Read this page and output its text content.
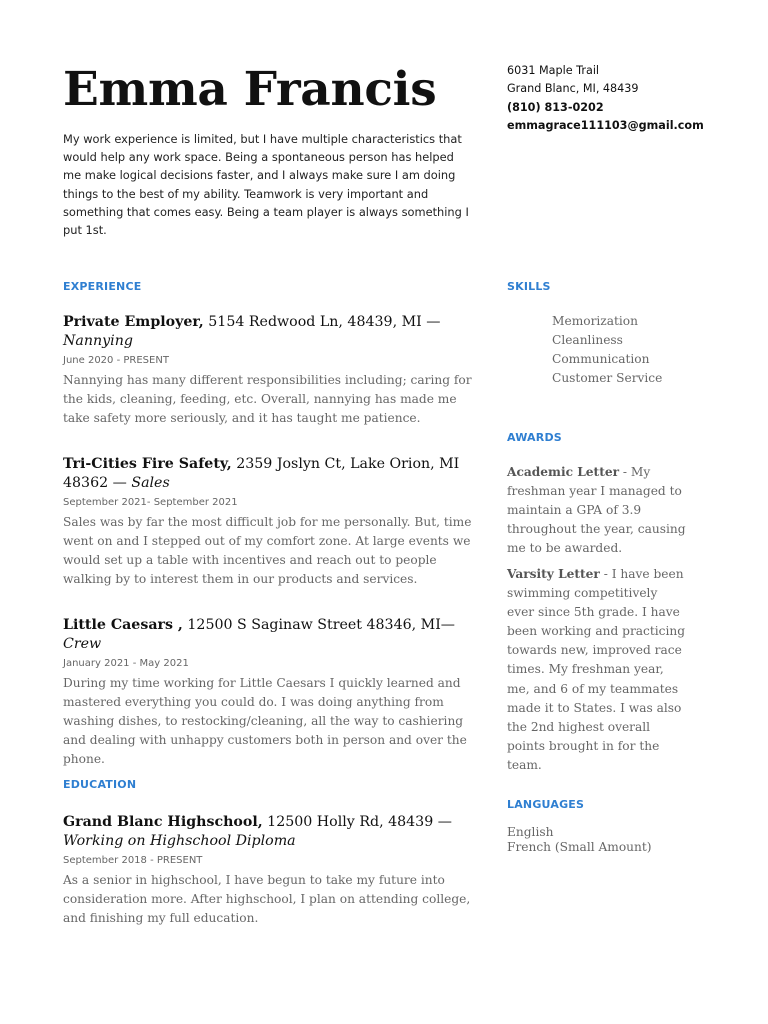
Emma Francis

My work experience is limited, but I have multiple characteristics that would help any work space. Being a spontaneous person has helped me make logical decisions faster, and I always make sure I am doing things to the best of my ability. Teamwork is very important and something that comes easy. Being a team player is always something I put 1st.

6031 Maple Trail
Grand Blanc, MI, 48439
(810) 813-0202
emmagrace111103@gmail.com
EXPERIENCE
Private Employer, 5154 Redwood Ln, 48439, MI — Nannying
June 2020 - PRESENT
Nannying has many different responsibilities including; caring for the kids, cleaning, feeding, etc. Overall, nannying has made me take safety more seriously, and it has taught me patience.
Tri-Cities Fire Safety, 2359 Joslyn Ct, Lake Orion, MI 48362 — Sales
September 2021- September 2021
Sales was by far the most difficult job for me personally. But, time went on and I stepped out of my comfort zone. At large events we would set up a table with incentives and reach out to people walking by to interest them in our products and services.
Little Caesars , 12500 S Saginaw Street 48346, MI— Crew
January 2021 - May 2021
During my time working for Little Caesars I quickly learned and mastered everything you could do. I was doing anything from washing dishes, to restocking/cleaning, all the way to cashiering and dealing with unhappy customers both in person and over the phone.
EDUCATION
Grand Blanc Highschool, 12500 Holly Rd, 48439 — Working on Highschool Diploma
September 2018 - PRESENT
As a senior in highschool, I have begun to take my future into consideration more. After highschool, I plan on attending college, and finishing my full education.
SKILLS
Memorization
Cleanliness
Communication
Customer Service
AWARDS

Academic Letter - My freshman year I managed to maintain a GPA of 3.9 throughout the year, causing me to be awarded.

Varsity Letter - I have been swimming competitively ever since 5th grade. I have been working and practicing towards new, improved race times. My freshman year, me, and 6 of my teammates made it to States. I was also the 2nd highest overall points brought in for the team.

LANGUAGES
English
French (Small Amount)
